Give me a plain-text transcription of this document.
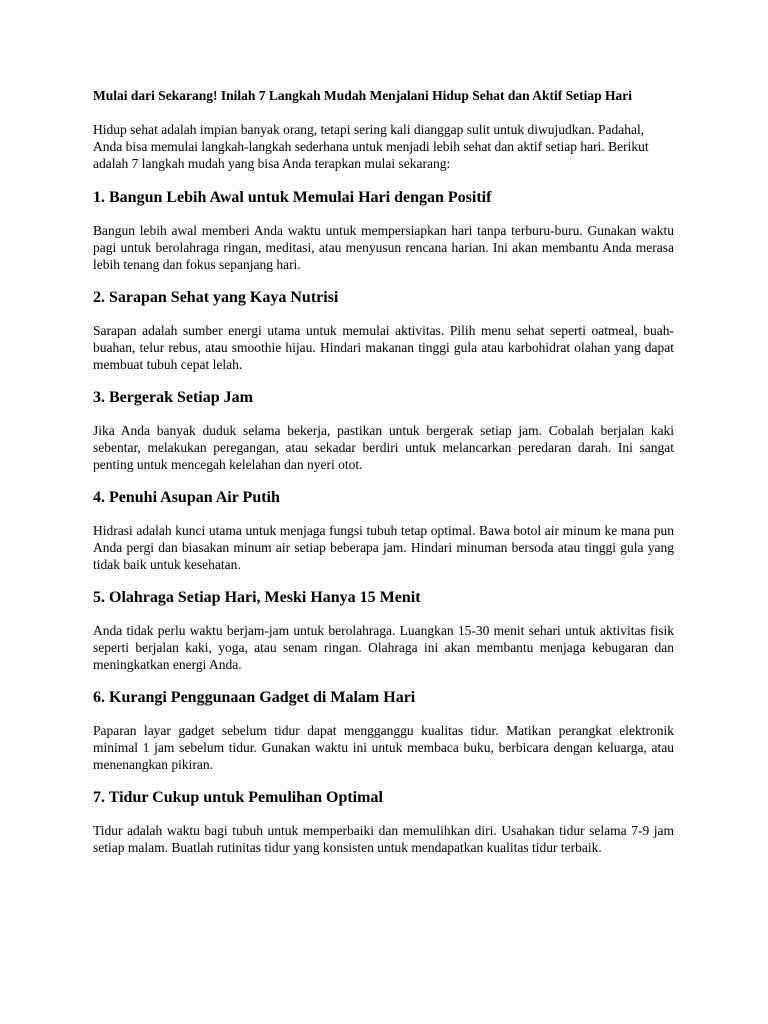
Mulai dari Sekarang! Inilah 7 Langkah Mudah Menjalani Hidup Sehat dan Aktif Setiap Hari

Hidup sehat adalah impian banyak orang, tetapi sering kali dianggap sulit untuk diwujudkan. Padahal, Anda bisa memulai langkah-langkah sederhana untuk menjadi lebih sehat dan aktif setiap hari. Berikut adalah 7 langkah mudah yang bisa Anda terapkan mulai sekarang:

1. Bangun Lebih Awal untuk Memulai Hari dengan Positif

Bangun lebih awal memberi Anda waktu untuk mempersiapkan hari tanpa terburu-buru. Gunakan waktu pagi untuk berolahraga ringan, meditasi, atau menyusun rencana harian. Ini akan membantu Anda merasa lebih tenang dan fokus sepanjang hari.

2. Sarapan Sehat yang Kaya Nutrisi

Sarapan adalah sumber energi utama untuk memulai aktivitas. Pilih menu sehat seperti oatmeal, buah-buahan, telur rebus, atau smoothie hijau. Hindari makanan tinggi gula atau karbohidrat olahan yang dapat membuat tubuh cepat lelah.

3. Bergerak Setiap Jam

Jika Anda banyak duduk selama bekerja, pastikan untuk bergerak setiap jam. Cobalah berjalan kaki sebentar, melakukan peregangan, atau sekadar berdiri untuk melancarkan peredaran darah. Ini sangat penting untuk mencegah kelelahan dan nyeri otot.

4. Penuhi Asupan Air Putih

Hidrasi adalah kunci utama untuk menjaga fungsi tubuh tetap optimal. Bawa botol air minum ke mana pun Anda pergi dan biasakan minum air setiap beberapa jam. Hindari minuman bersoda atau tinggi gula yang tidak baik untuk kesehatan.

5. Olahraga Setiap Hari, Meski Hanya 15 Menit

Anda tidak perlu waktu berjam-jam untuk berolahraga. Luangkan 15-30 menit sehari untuk aktivitas fisik seperti berjalan kaki, yoga, atau senam ringan. Olahraga ini akan membantu menjaga kebugaran dan meningkatkan energi Anda.

6. Kurangi Penggunaan Gadget di Malam Hari

Paparan layar gadget sebelum tidur dapat mengganggu kualitas tidur. Matikan perangkat elektronik minimal 1 jam sebelum tidur. Gunakan waktu ini untuk membaca buku, berbicara dengan keluarga, atau menenangkan pikiran.

7. Tidur Cukup untuk Pemulihan Optimal

Tidur adalah waktu bagi tubuh untuk memperbaiki dan memulihkan diri. Usahakan tidur selama 7-9 jam setiap malam. Buatlah rutinitas tidur yang konsisten untuk mendapatkan kualitas tidur terbaik.
